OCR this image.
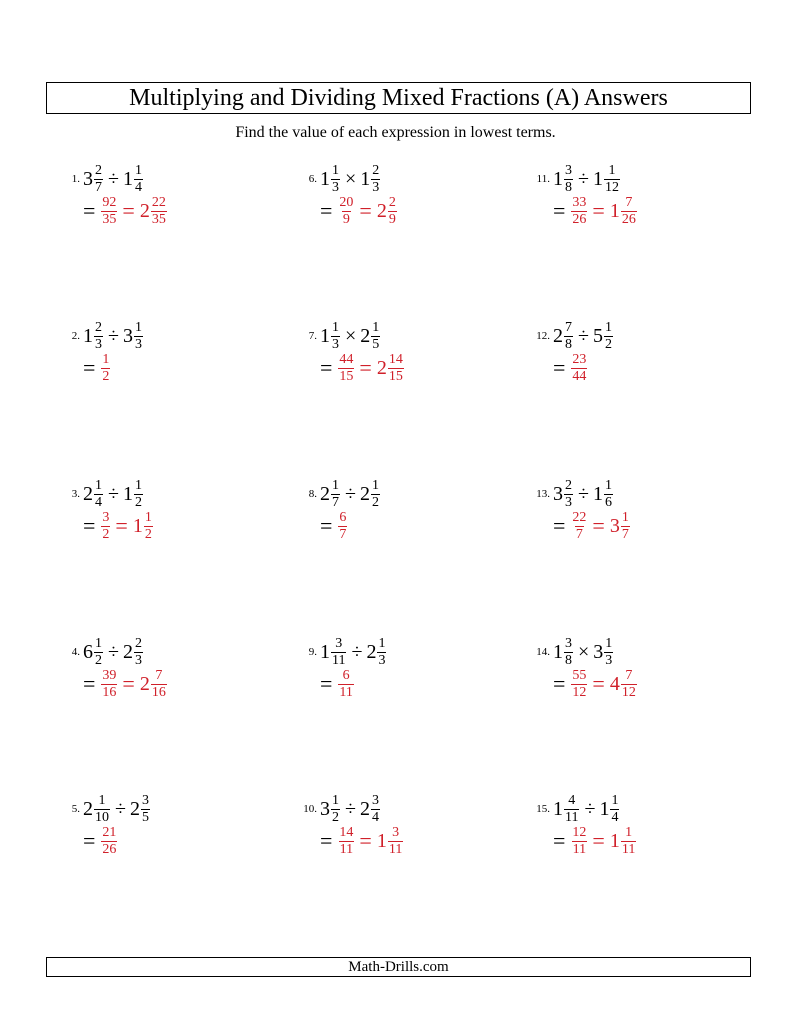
Multiplying and Dividing Mixed Fractions (A) Answers
Find the value of each expression in lowest terms.
1. $3 \frac{2}{7} \div 1 \frac{1}{4}$
= $\frac{92}{35} = 2 \frac{22}{35}$
2. $1 \frac{2}{3} \div 3 \frac{1}{3}$
= $\frac{1}{2}$
3. $2 \frac{1}{4} \div 1 \frac{1}{2}$
= $\frac{3}{2} = 1 \frac{1}{2}$
4. $6 \frac{1}{2} \div 2 \frac{2}{3}$
= $\frac{39}{16} = 2 \frac{7}{16}$
5. $2 \frac{1}{10} \div 2 \frac{3}{5}$
= $\frac{21}{26}$
6. $1 \frac{1}{3} \times 1 \frac{2}{3}$
= $\frac{20}{9} = 2 \frac{2}{9}$
7. $1 \frac{1}{3} \times 2 \frac{1}{5}$
= $\frac{44}{15} = 2 \frac{14}{15}$
8. $2 \frac{1}{7} \div 2 \frac{1}{2}$
= $\frac{6}{7}$
9. $1 \frac{3}{11} \div 2 \frac{1}{3}$
= $\frac{6}{11}$
10. $3 \frac{1}{2} \div 2 \frac{3}{4}$
= $\frac{14}{11} = 1 \frac{3}{11}$
11. $1 \frac{3}{8} \div 1 \frac{1}{12}$
= $\frac{33}{26} = 1 \frac{7}{26}$
12. $2 \frac{7}{8} \div 5 \frac{1}{2}$
= $\frac{23}{44}$
13. $3 \frac{2}{3} \div 1 \frac{1}{6}$
= $\frac{22}{7} = 3 \frac{1}{7}$
14. $1 \frac{3}{8} \times 3 \frac{1}{3}$
= $\frac{55}{12} = 4 \frac{7}{12}$
15. $1 \frac{4}{11} \div 1 \frac{1}{4}$
= $\frac{12}{11} = 1 \frac{1}{11}$
Math-Drills.com
